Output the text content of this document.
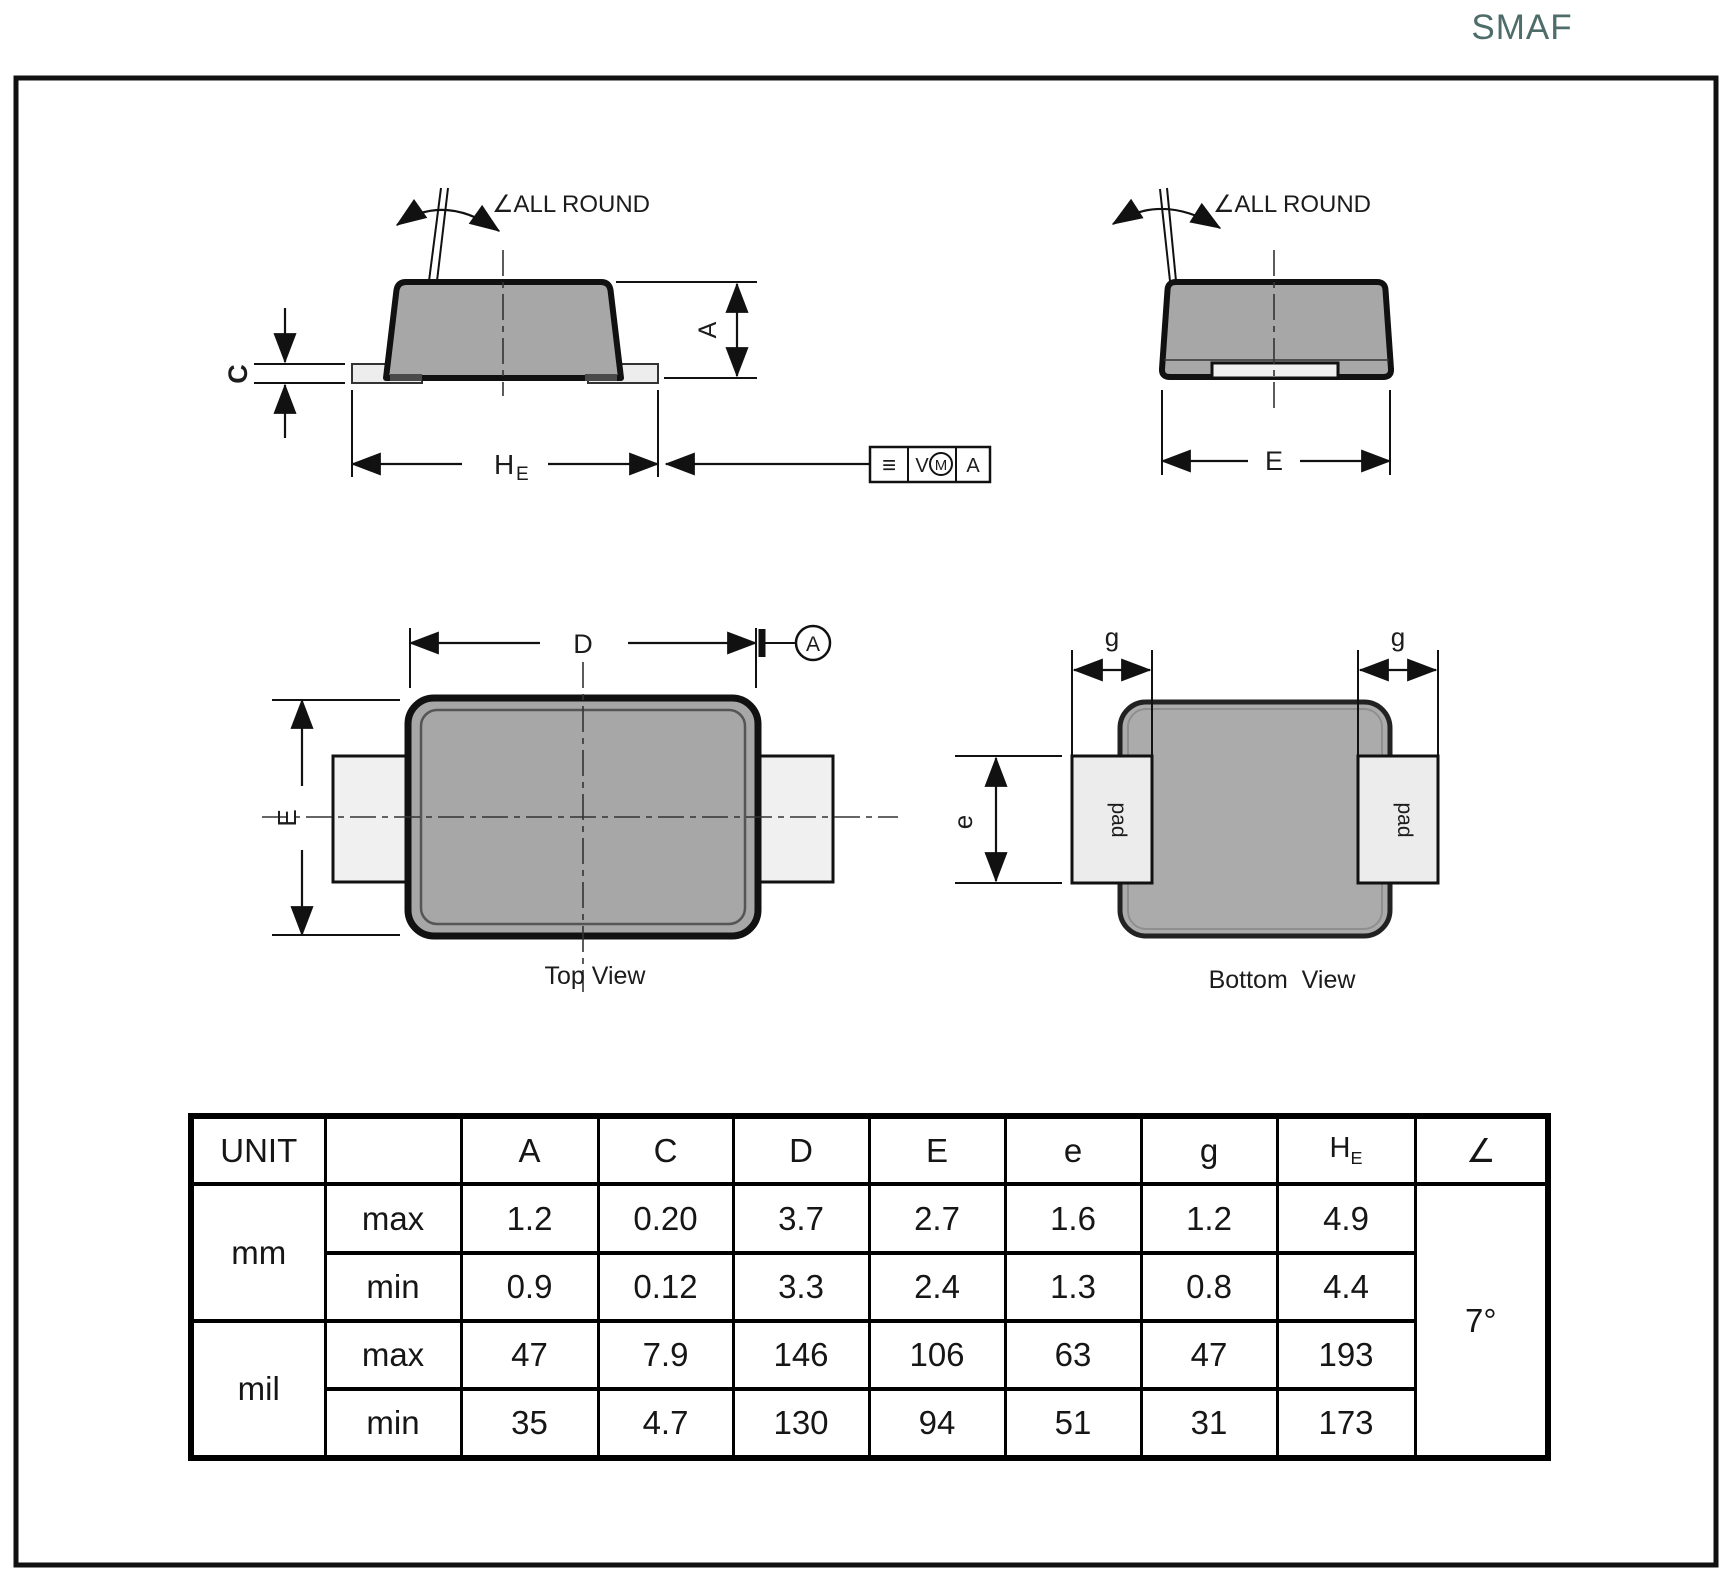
SMAF
∠ALL ROUND
C
A
H E	≡ V M A
∠ALL ROUND
E
D	A
E
Top View
pad	pad
g	g
e
Bottom  View
UNIT		A	C	D	E	e	g	$H_E$	∠
mm	max	1.2	0.20	3.7	2.7	1.6	1.2	4.9	7°
	min	0.9	0.12	3.3	2.4	1.3	0.8	4.4	
mil	max	47	7.9	146	106	63	47	193	
	min	35	4.7	130	94	51	31	173	
